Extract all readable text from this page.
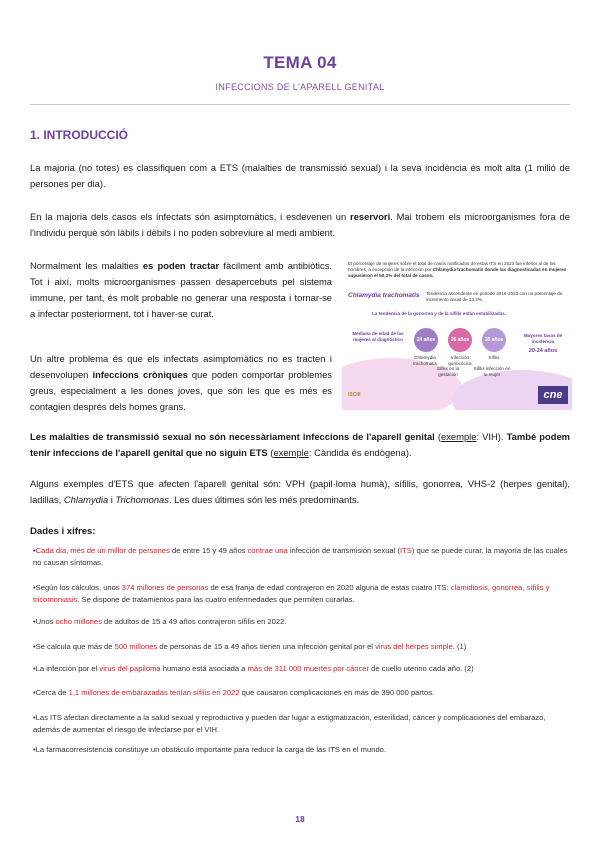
TEMA 04
INFECCIONS DE L'APARELL GENITAL
1. INTRODUCCIÓ
La majoria (no totes) es classifiquen com a ETS (malalties de transmissió sexual) i la seva incidència és molt alta (1 milió de persones per dia).
En la majoria dels casos els infectats són asimptomàtics, i esdevenen un reservori. Mai trobem els microorganismes fora de l'individu perquè són làbils i dèbils i no poden sobreviure al medi ambient.
Normalment les malalties es poden tractar fàcilment amb antibiòtics. Tot i així, molts microorganismes passen desapercebuts pel sistema immune, per tant, és molt probable no generar una resposta i tornar-se a infectar posteriorment, tot i haver-se curat.
Un altre problema és que els infectats asimptomàtics no es tracten i desenvolupen infeccions cròniques que poden comportar problemes greus, especialment a les dones joves, que són les que es més es contagien després dels homes grans.
El porcentaje de mujeres sobre el total de casos notificados de estas ITS en 2023 fue inferior al de los hombres, a excepción de la infección por Chlamydia trachomatis donde las diagnosticadas en mujeres supusieron el 50,3% del total de casos.
Chlamydia trachomatis Tendencia ascendente en periodo 2016-2023 con un porcentaje de incremento anual de 13,3%.
La tendencia de la gonorrea y de la sífilis están estabilizadas.
Mediana de edad de las mujeres al diagnóstico	24 años	26 años	35 años
Chlamydia trachomatis
Infección gonocócica
Sífilis
Sífilis en la gestación
Sífilis infección en la mujer
Mayores tasas de incidencia
20-24 años
ISCIII	cne
Les malalties de transmissió sexual no són necessàriament infeccions de l'aparell genital (exemple: VIH). També podem tenir infeccions de l'aparell genital que no siguin ETS (exemple: Càndida és endògena).
Alguns exemples d'ETS que afecten l'aparell genital són: VPH (papil·loma humà), sífilis, gonorrea, VHS-2 (herpes genital), ladillas, Chlamydia i Trichomonas. Les dues últimes són les més predominants.
Dades i xifres:
•Cada dia, més de un millor de persones de entre 15 y 49 años contrae una infección de transmisión sexual (ITS) que se puede curar, la mayoría de las cuales no causan síntomas.
•Según los cálculos, unos 374 millones de personas de esa franja de edad contrajeron en 2020 alguna de estas cuatro ITS: clamidiosis, gonorrea, sífilis y tricomoniasis. Se dispone de tratamientos para las cuatro enfermedades que permiten curarlas.
•Unos ocho millones de adultos de 15 a 49 años contrajeron sífilis en 2022.
•Se calcula que más de 500 millones de personas de 15 a 49 años tienen una infección genital por el virus del herpes simple. (1)
•La infección por el virus del papiloma humano está asociada a más de 311 000 muertes por cáncer de cuello uterino cada año. (2)
•Cerca de 1,1 millones de embarazadas tenían sífilis en 2022 que causaron complicaciones en más de 390 000 partos.
•Las ITS afectan directamente a la salud sexual y reproductiva y pueden dar lugar a estigmatización, esterilidad, cáncer y complicaciones del embarazo, además de aumentar el riesgo de infectarse por el VIH.
•La farmacorresistencia constituye un obstáculo importante para reducir la carga de las ITS en el mundo.
18
